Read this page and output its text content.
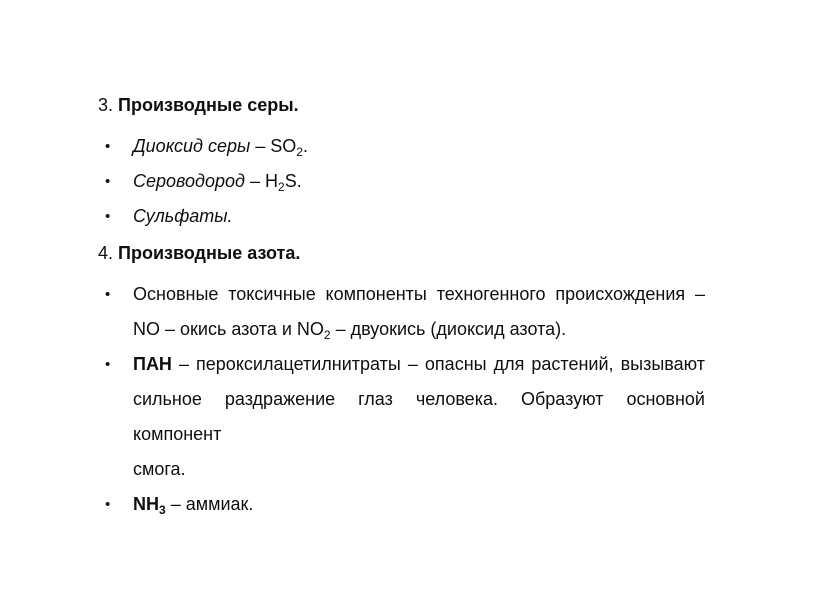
3. Производные серы.
• Диоксид серы – $SO_2$.
• Сероводород – $H_2S$.
• Сульфаты.
4. Производные азота.
• Основные токсичные компоненты техногенного происхождения –
NO – окись азота и $NO_2$ – двуокись (диоксид азота).
• ПАН – пероксилацетилнитраты – опасны для растений, вызывают
сильное раздражение глаз человека. Образуют основной компонент
смога.
• $NH_3$ – аммиак.
